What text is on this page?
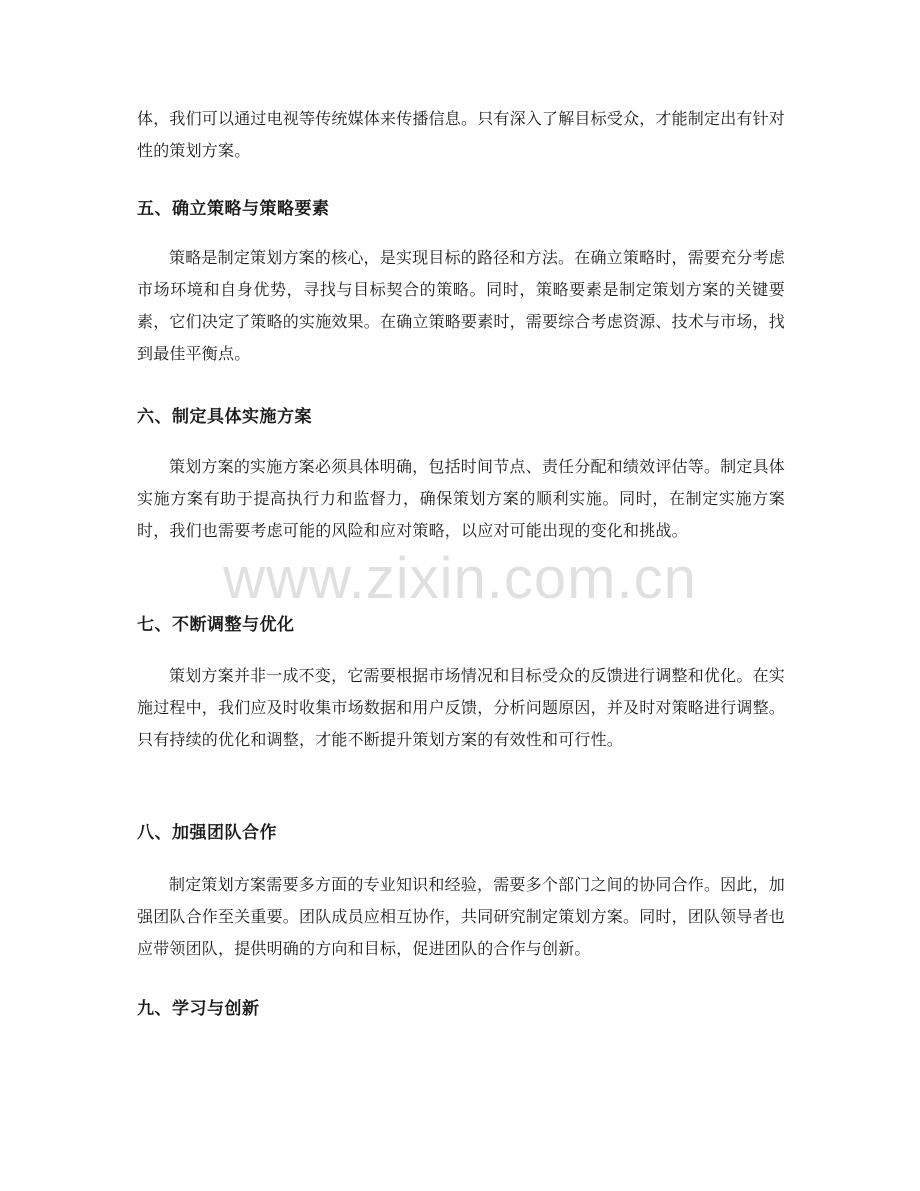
www.zixin.com.cn

体，我们可以通过电视等传统媒体来传播信息。只有深入了解目标受众，才能制定出有针对性的策划方案。

五、确立策略与策略要素

策略是制定策划方案的核心，是实现目标的路径和方法。在确立策略时，需要充分考虑市场环境和自身优势，寻找与目标契合的策略。同时，策略要素是制定策划方案的关键要素，它们决定了策略的实施效果。在确立策略要素时，需要综合考虑资源、技术与市场，找到最佳平衡点。

六、制定具体实施方案

策划方案的实施方案必须具体明确，包括时间节点、责任分配和绩效评估等。制定具体实施方案有助于提高执行力和监督力，确保策划方案的顺利实施。同时，在制定实施方案时，我们也需要考虑可能的风险和应对策略，以应对可能出现的变化和挑战。

七、不断调整与优化

策划方案并非一成不变，它需要根据市场情况和目标受众的反馈进行调整和优化。在实施过程中，我们应及时收集市场数据和用户反馈，分析问题原因，并及时对策略进行调整。只有持续的优化和调整，才能不断提升策划方案的有效性和可行性。

八、加强团队合作

制定策划方案需要多方面的专业知识和经验，需要多个部门之间的协同合作。因此，加强团队合作至关重要。团队成员应相互协作，共同研究制定策划方案。同时，团队领导者也应带领团队，提供明确的方向和目标，促进团队的合作与创新。

九、学习与创新
